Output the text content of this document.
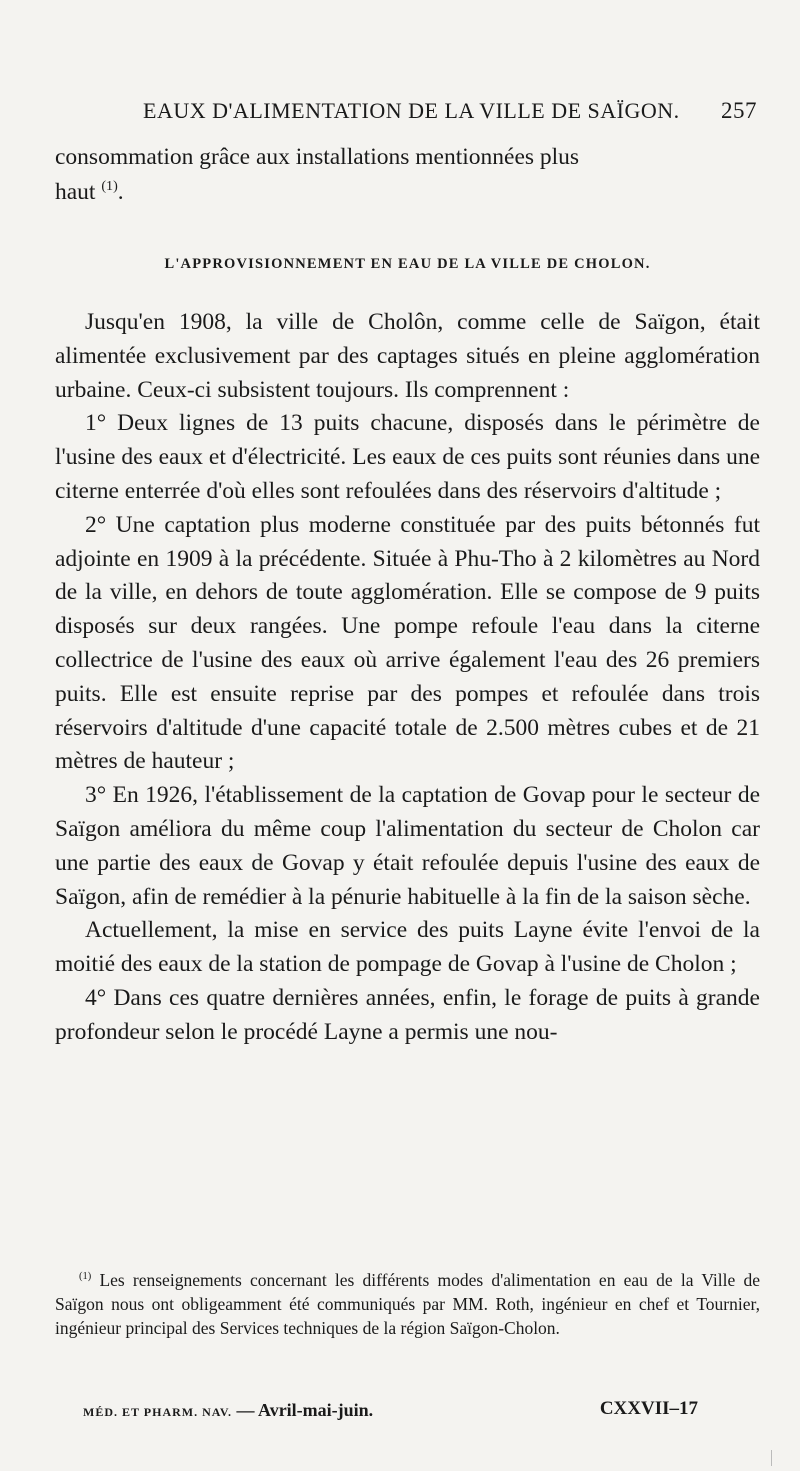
EAUX D'ALIMENTATION DE LA VILLE DE SAÏGON. 257

consommation grâce aux installations mentionnées plus

haut $^{(1)}$.

L'APPROVISIONNEMENT EN EAU DE LA VILLE DE CHOLON.

Jusqu'en 1908, la ville de Cholôn, comme celle de Saïgon, était alimentée exclusivement par des captages situés en pleine agglomération urbaine. Ceux-ci subsistent toujours. Ils comprennent :

1° Deux lignes de 13 puits chacune, disposés dans le périmètre de l'usine des eaux et d'électricité. Les eaux de ces puits sont réunies dans une citerne enterrée d'où elles sont refoulées dans des réservoirs d'altitude ;

2° Une captation plus moderne constituée par des puits bétonnés fut adjointe en 1909 à la précédente. Située à Phu-Tho à 2 kilomètres au Nord de la ville, en dehors de toute agglomération. Elle se compose de 9 puits disposés sur deux rangées. Une pompe refoule l'eau dans la citerne collectrice de l'usine des eaux où arrive également l'eau des 26 premiers puits. Elle est ensuite reprise par des pompes et refoulée dans trois réservoirs d'altitude d'une capacité totale de 2.500 mètres cubes et de 21 mètres de hauteur ;

3° En 1926, l'établissement de la captation de Govap pour le secteur de Saïgon améliora du même coup l'alimentation du secteur de Cholon car une partie des eaux de Govap y était refoulée depuis l'usine des eaux de Saïgon, afin de remédier à la pénurie habituelle à la fin de la saison sèche.

Actuellement, la mise en service des puits Layne évite l'envoi de la moitié des eaux de la station de pompage de Govap à l'usine de Cholon ;

4° Dans ces quatre dernières années, enfin, le forage de puits à grande profondeur selon le procédé Layne a permis une nou-

$^{(1)}$ Les renseignements concernant les différents modes d'alimentation en eau de la Ville de Saïgon nous ont obligeamment été communiqués par MM. Roth, ingénieur en chef et Tournier, ingénieur principal des Services techniques de la région Saïgon-Cholon.

MÉD. ET PHARM. NAV. — Avril-mai-juin.	CXXVII–17
